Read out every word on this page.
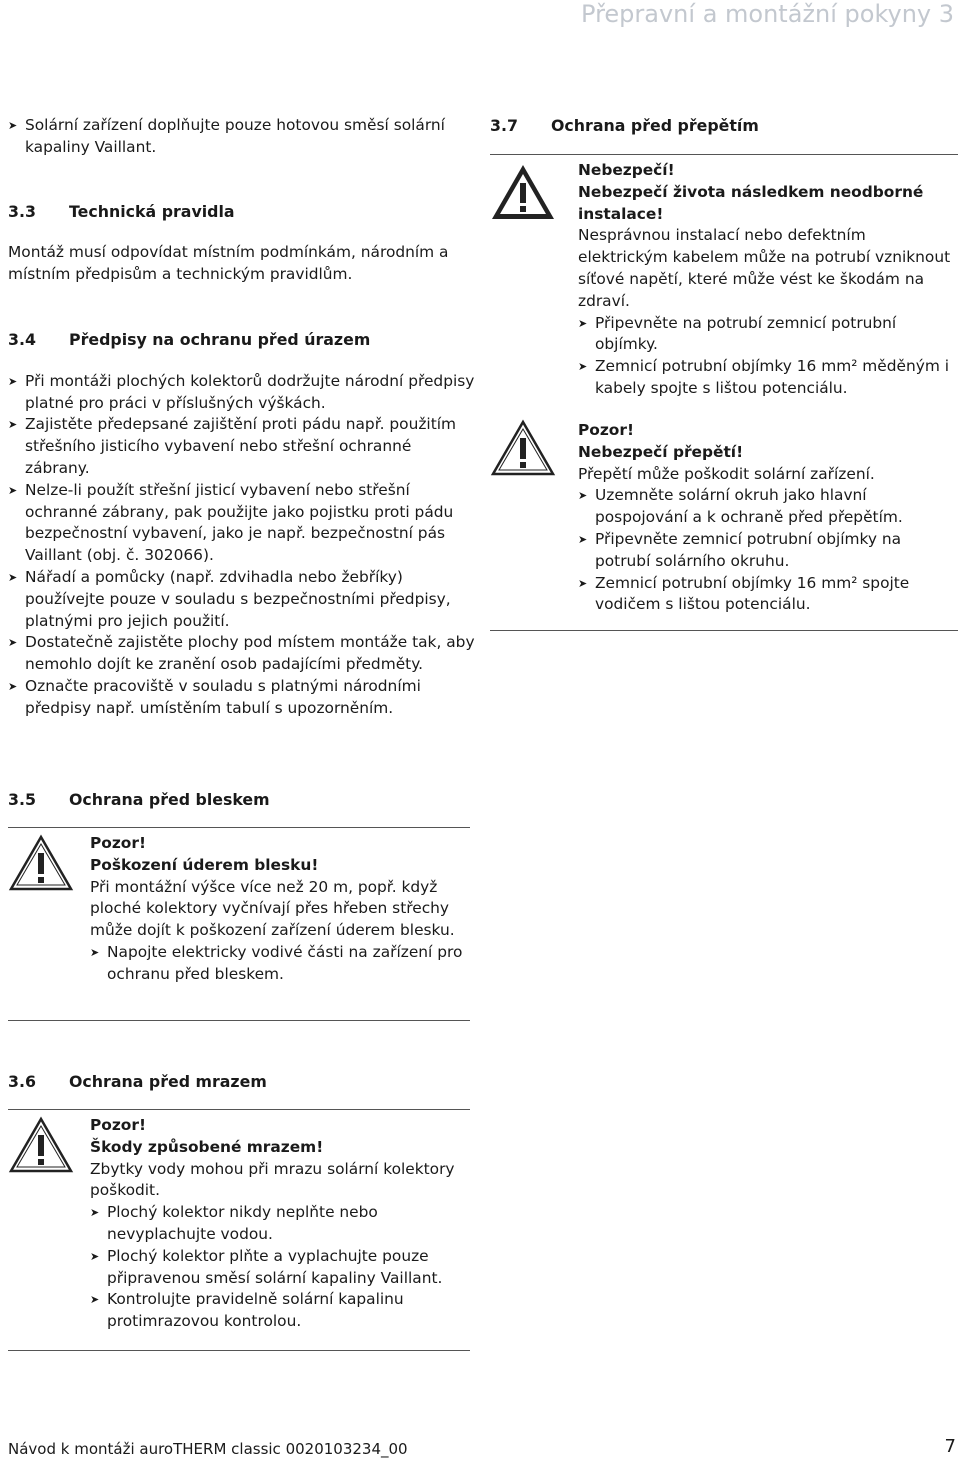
Přepravní a montážní pokyny 3
➤ Solární zařízení doplňujte pouze hotovou směsí solární kapaliny Vaillant.
3.3	Technická pravidla

Montáž musí odpovídat místním podmínkám, národním a místním předpisům a technickým pravidlům.

3.4	Předpisy na ochranu před úrazem
➤ Při montáži plochých kolektorů dodržujte národní předpisy platné pro práci v příslušných výškách.
➤ Zajistěte předepsané zajištění proti pádu např. použitím střešního jisticího vybavení nebo střešní ochranné zábrany.
➤ Nelze-li použít střešní jisticí vybavení nebo střešní ochranné zábrany, pak použijte jako pojistku proti pádu bezpečnostní vybavení, jako je např. bezpečnostní pás Vaillant (obj. č. 302066).
➤ Nářadí a pomůcky (např. zdvihadla nebo žebříky) používejte pouze v souladu s bezpečnostními předpisy, platnými pro jejich použití.
➤ Dostatečně zajistěte plochy pod místem montáže tak, aby nemohlo dojít ke zranění osob padajícími předměty.
➤ Označte pracoviště v souladu s platnými národními předpisy např. umístěním tabulí s upozorněním.
3.5	Ochrana před bleskem

Pozor!

Poškození úderem blesku!

Při montážní výšce více než 20 m, popř. když ploché kolektory vyčnívají přes hřeben střechy může dojít k poškození zařízení úderem blesku.

➤ Napojte elektricky vodivé části na zařízení pro ochranu před bleskem.
3.6	Ochrana před mrazem

Pozor!

Škody způsobené mrazem!

Zbytky vody mohou při mrazu solární kolektory poškodit.

➤ Plochý kolektor nikdy neplňte nebo nevyplachujte vodou.
➤ Plochý kolektor plňte a vyplachujte pouze připravenou směsí solární kapaliny Vaillant.
➤ Kontrolujte pravidelně solární kapalinu protimrazovou kontrolou.
3.7	Ochrana před přepětím

Nebezpečí!

Nebezpečí života následkem neodborné instalace!

Nesprávnou instalací nebo defektním elektrickým kabelem může na potrubí vzniknout síťové napětí, které může vést ke škodám na zdraví.

➤ Připevněte na potrubí zemnicí potrubní objímky.
➤ Zemnicí potrubní objímky 16 mm² měděným i kabely spojte s lištou potenciálu.

Pozor!

Nebezpečí přepětí!

Přepětí může poškodit solární zařízení.

➤ Uzemněte solární okruh jako hlavní pospojování a k ochraně před přepětím.
➤ Připevněte zemnicí potrubní objímky na potrubí solárního okruhu.
➤ Zemnicí potrubní objímky 16 mm² spojte vodičem s lištou potenciálu.
Návod k montáži auroTHERM classic 0020103234_00	7
